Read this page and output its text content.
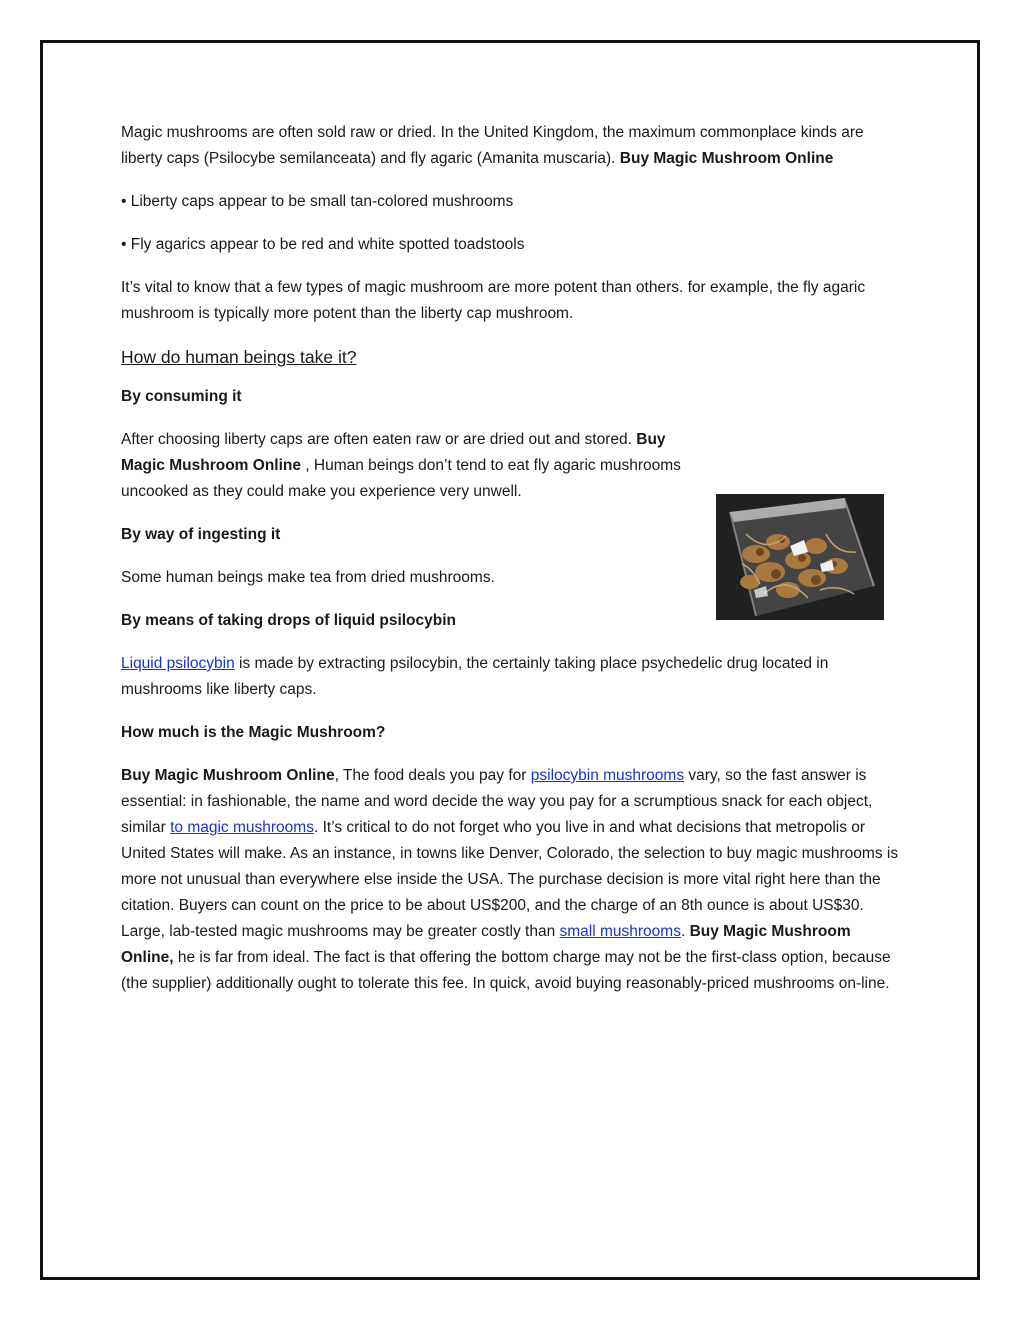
Magic mushrooms are often sold raw or dried. In the United Kingdom, the maximum commonplace kinds are liberty caps (Psilocybe semilanceata) and fly agaric (Amanita muscaria). Buy Magic Mushroom Online

• Liberty caps appear to be small tan-colored mushrooms

• Fly agarics appear to be red and white spotted toadstools

It’s vital to know that a few types of magic mushroom are more potent than others. for example, the fly agaric mushroom is typically more potent than the liberty cap mushroom.

How do human beings take it?

By consuming it

After choosing liberty caps are often eaten raw or are dried out and stored. Buy Magic Mushroom Online , Human beings don’t tend to eat fly agaric mushrooms uncooked as they could make you experience very unwell.

By way of ingesting it

Some human beings make tea from dried mushrooms.

By means of taking drops of liquid psilocybin

Liquid psilocybin is made by extracting psilocybin, the certainly taking place psychedelic drug located in mushrooms like liberty caps.

How much is the Magic Mushroom?

Buy Magic Mushroom Online, The food deals you pay for psilocybin mushrooms vary, so the fast answer is essential: in fashionable, the name and word decide the way you pay for a scrumptious snack for each object, similar to magic mushrooms. It’s critical to do not forget who you live in and what decisions that metropolis or United States will make. As an instance, in towns like Denver, Colorado, the selection to buy magic mushrooms is more not unusual than everywhere else inside the USA. The purchase decision is more vital right here than the citation. Buyers can count on the price to be about US$200, and the charge of an 8th ounce is about US$30. Large, lab-tested magic mushrooms may be greater costly than small mushrooms. Buy Magic Mushroom Online, he is far from ideal. The fact is that offering the bottom charge may not be the first-class option, because (the supplier) additionally ought to tolerate this fee. In quick, avoid buying reasonably-priced mushrooms on-line.
